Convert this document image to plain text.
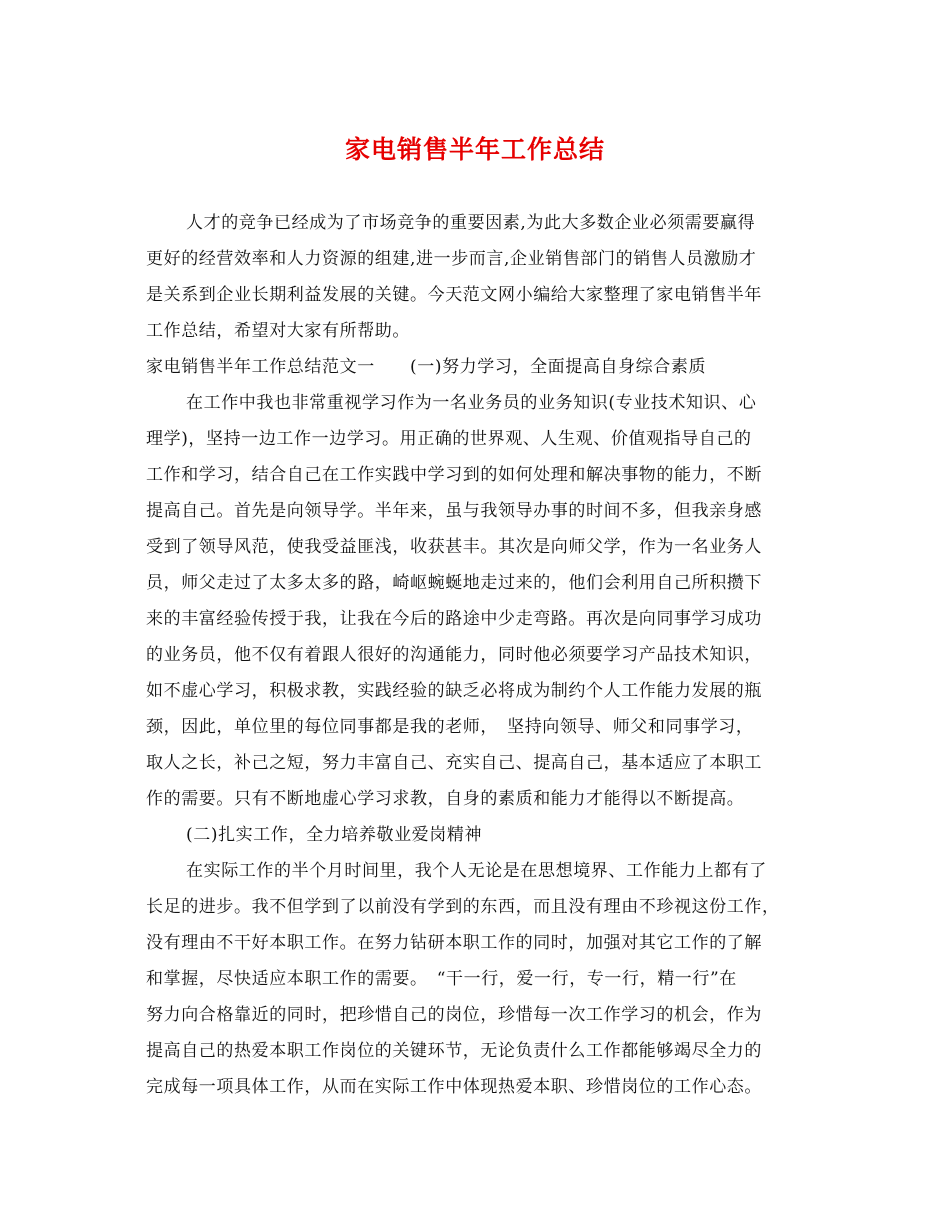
家电销售半年工作总结
人才的竞争已经成为了市场竞争的重要因素,为此大多数企业必须需要赢得
更好的经营效率和人力资源的组建,进一步而言,企业销售部门的销售人员激励才
是关系到企业长期利益发展的关键。今天范文网小编给大家整理了家电销售半年
工作总结，希望对大家有所帮助。
家电销售半年工作总结范文一　　(一)努力学习，全面提高自身综合素质
在工作中我也非常重视学习作为一名业务员的业务知识(专业技术知识、心
理学)，坚持一边工作一边学习。用正确的世界观、人生观、价值观指导自己的
工作和学习，结合自己在工作实践中学习到的如何处理和解决事物的能力，不断
提高自己。首先是向领导学。半年来，虽与我领导办事的时间不多，但我亲身感
受到了领导风范，使我受益匪浅，收获甚丰。其次是向师父学，作为一名业务人
员，师父走过了太多太多的路，崎岖蜿蜒地走过来的，他们会利用自己所积攒下
来的丰富经验传授于我，让我在今后的路途中少走弯路。再次是向同事学习成功
的业务员，他不仅有着跟人很好的沟通能力，同时他必须要学习产品技术知识，
如不虚心学习，积极求教，实践经验的缺乏必将成为制约个人工作能力发展的瓶
颈，因此，单位里的每位同事都是我的老师，　坚持向领导、师父和同事学习，
取人之长，补己之短，努力丰富自己、充实自己、提高自己，基本适应了本职工
作的需要。只有不断地虚心学习求教，自身的素质和能力才能得以不断提高。
(二)扎实工作，全力培养敬业爱岗精神
在实际工作的半个月时间里，我个人无论是在思想境界、工作能力上都有了
长足的进步。我不但学到了以前没有学到的东西，而且没有理由不珍视这份工作，
没有理由不干好本职工作。在努力钻研本职工作的同时，加强对其它工作的了解
和掌握，尽快适应本职工作的需要。　“干一行，爱一行，专一行，精一行”在
努力向合格靠近的同时，把珍惜自己的岗位，珍惜每一次工作学习的机会，作为
提高自己的热爱本职工作岗位的关键环节，无论负责什么工作都能够竭尽全力的
完成每一项具体工作，从而在实际工作中体现热爱本职、珍惜岗位的工作心态。
